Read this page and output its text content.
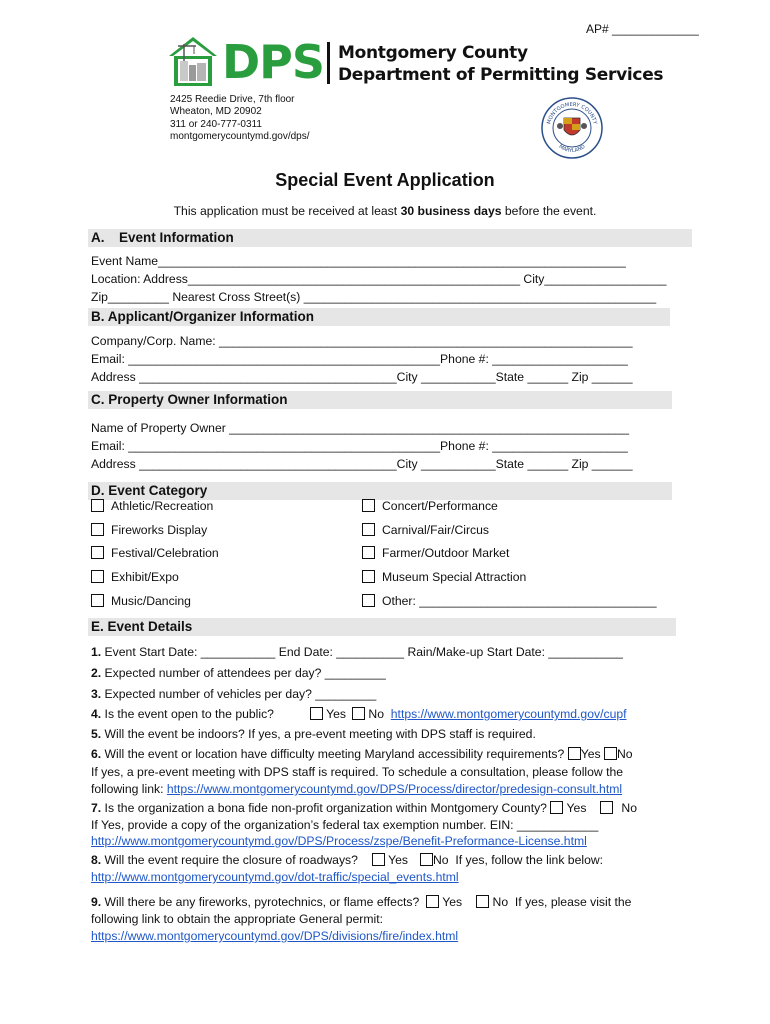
AP# _____________
DPS Montgomery County
Department of Permitting Services
2425 Reedie Drive, 7th floor
Wheaton, MD 20902
311 or 240-777-0311
montgomerycountymd.gov/dps/
MONTGOMERY COUNTY
MARYLAND
Special Event Application
This application must be received at least 30 business days before the event.
A. Event Information
Event Name_____________________________________________________________________
Location: Address_________________________________________________ City__________________
Zip_________ Nearest Cross Street(s) ____________________________________________________
B. Applicant/Organizer Information
Company/Corp. Name: _____________________________________________________________
Email: ______________________________________________Phone #: ____________________
Address ______________________________________City ___________State ______ Zip ______
C. Property Owner Information
Name of Property Owner ___________________________________________________________
Email: ______________________________________________Phone #: ____________________
Address ______________________________________City ___________State ______ Zip ______
D. Event Category
Athletic/Recreation
Fireworks Display
Festival/Celebration
Exhibit/Expo
Music/Dancing
Concert/Performance
Carnival/Fair/Circus
Farmer/Outdoor Market
Museum Special Attraction
Other: ___________________________________
E. Event Details
1. Event Start Date: ___________ End Date: __________ Rain/Make-up Start Date: ___________
2. Expected number of attendees per day? _________
3. Expected number of vehicles per day? _________
4. Is the event open to the public?	Yes No https://www.montgomerycountymd.gov/cupf
5. Will the event be indoors? If yes, a pre-event meeting with DPS staff is required.
6. Will the event or location have difficulty meeting Maryland accessibility requirements? Yes No
If yes, a pre-event meeting with DPS staff is required. To schedule a consultation, please follow the
following link: https://www.montgomerycountymd.gov/DPS/Process/director/predesign-consult.html
7. Is the organization a bona fide non-profit organization within Montgomery County? Yes	No
If Yes, provide a copy of the organization’s federal tax exemption number. EIN: ____________
http://www.montgomerycountymd.gov/DPS/Process/zspe/Benefit-Preformance-License.html
8. Will the event require the closure of roadways? Yes No If yes, follow the link below:
http://www.montgomerycountymd.gov/dot-traffic/special_events.html
9. Will there be any fireworks, pyrotechnics, or flame effects? Yes No If yes, please visit the
following link to obtain the appropriate General permit:
https://www.montgomerycountymd.gov/DPS/divisions/fire/index.html
